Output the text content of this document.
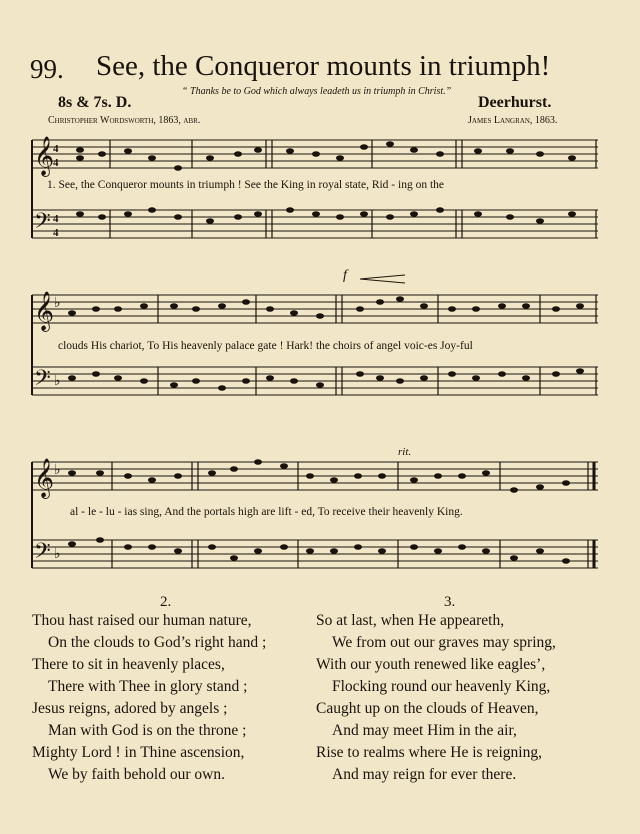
99. See, the Conqueror mounts in triumph!
“ Thanks be to God which always leadeth us in triumph in Christ.”
8s & 7s. D.	Deerhurst.
Christopher Wordsworth, 1863, abr.	James Langran, 1863.
𝄞
𝄢
4
4
4
4
1. See, the Conqueror mounts in triumph ! See the King in royal state, Rid - ing on the
f
𝄞 ♭
𝄢 ♭
clouds His chariot, To His heavenly palace gate ! Hark! the choirs of angel voic-es Joy-ful
rit.
𝄞 ♭
𝄢 ♭
al - le - lu - ias sing, And the portals high are lift - ed, To receive their heavenly King.
2.	3.
Thou hast raised our human nature,
On the clouds to God’s right hand ;
There to sit in heavenly places,
There with Thee in glory stand ;
Jesus reigns, adored by angels ;
Man with God is on the throne ;
Mighty Lord ! in Thine ascension,
We by faith behold our own.
So at last, when He appeareth,
We from out our graves may spring,
With our youth renewed like eagles’,
Flocking round our heavenly King,
Caught up on the clouds of Heaven,
And may meet Him in the air,
Rise to realms where He is reigning,
And may reign for ever there.
